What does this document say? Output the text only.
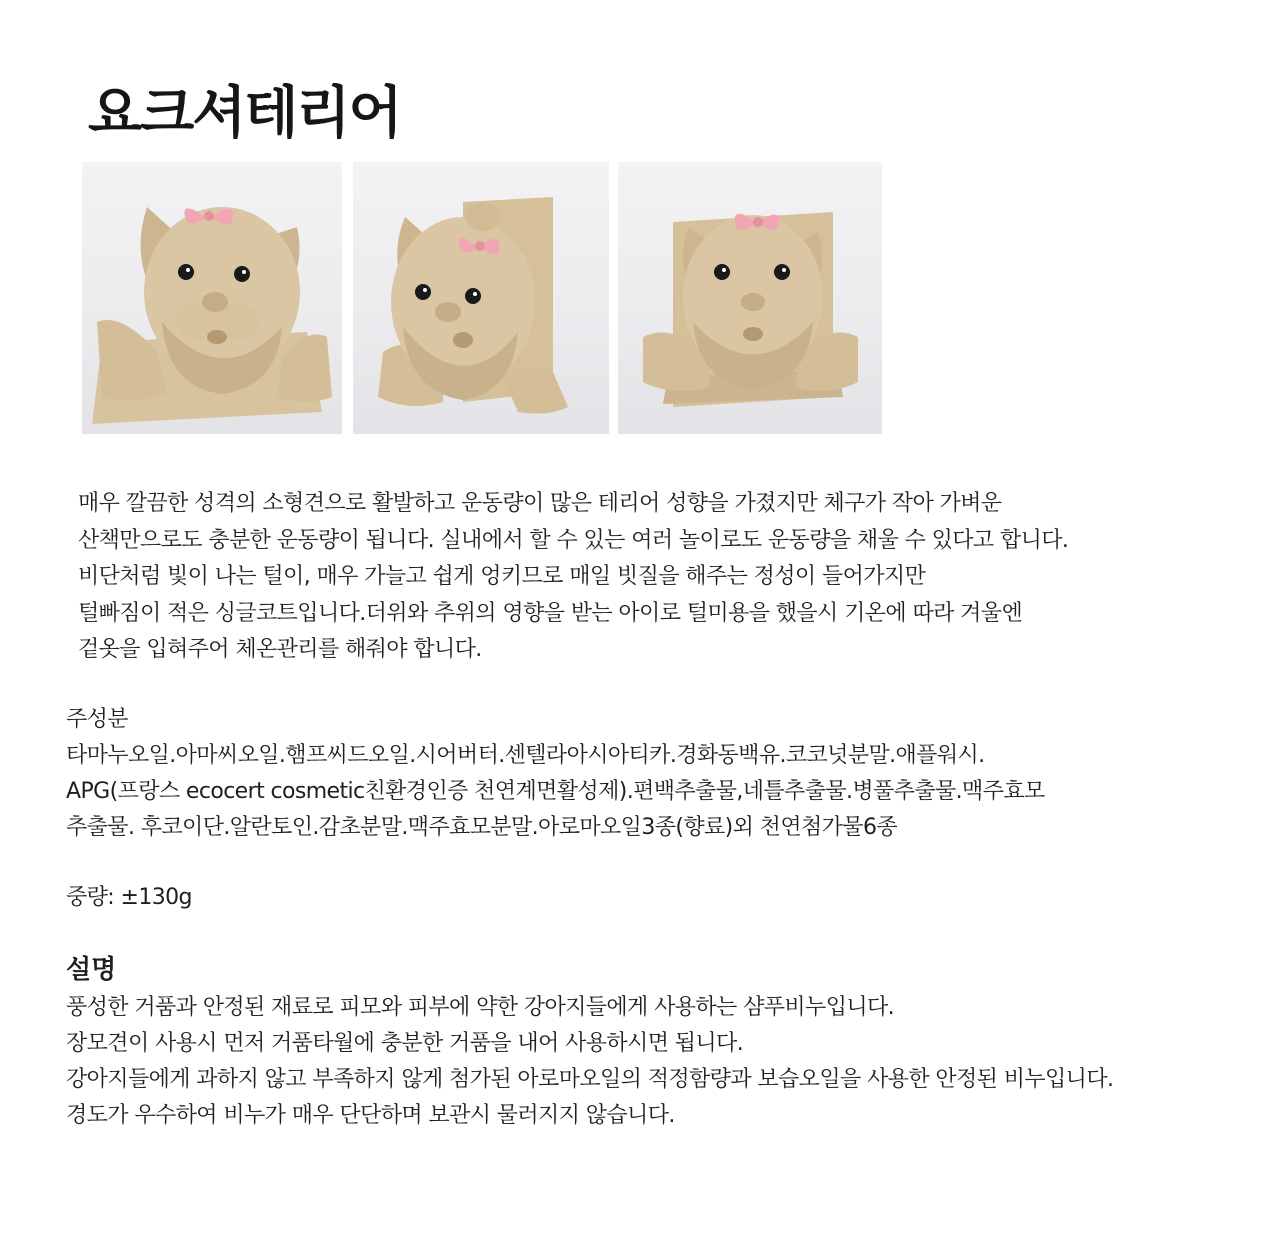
요크셔테리어

매우 깔끔한 성격의 소형견으로 활발하고 운동량이 많은 테리어 성향을 가졌지만 체구가 작아 가벼운

산책만으로도 충분한 운동량이 됩니다. 실내에서 할 수 있는 여러 놀이로도 운동량을 채울 수 있다고 합니다.

비단처럼 빛이 나는 털이, 매우 가늘고 쉽게 엉키므로 매일 빗질을 해주는 정성이 들어가지만

털빠짐이 적은 싱글코트입니다.더위와 추위의 영향을 받는 아이로 털미용을 했을시 기온에 따라 겨울엔

겉옷을 입혀주어 체온관리를 해줘야 합니다.

주성분

타마누오일.아마씨오일.햄프씨드오일.시어버터.센텔라아시아티카.경화동백유.코코넛분말.애플워시.

APG(프랑스 ecocert cosmetic친환경인증 천연계면활성제).편백추출물,네틀추출물.병풀추출물.맥주효모

추출물. 후코이단.알란토인.감초분말.맥주효모분말.아로마오일3종(향료)외 천연첨가물6종

중량: ±130g

설명

풍성한 거품과 안정된 재료로 피모와 피부에 약한 강아지들에게 사용하는 샴푸비누입니다.

장모견이 사용시 먼저 거품타월에 충분한 거품을 내어 사용하시면 됩니다.

강아지들에게 과하지 않고 부족하지 않게 첨가된 아로마오일의 적정함량과 보습오일을 사용한 안정된 비누입니다.

경도가 우수하여 비누가 매우 단단하며 보관시 물러지지 않습니다.
